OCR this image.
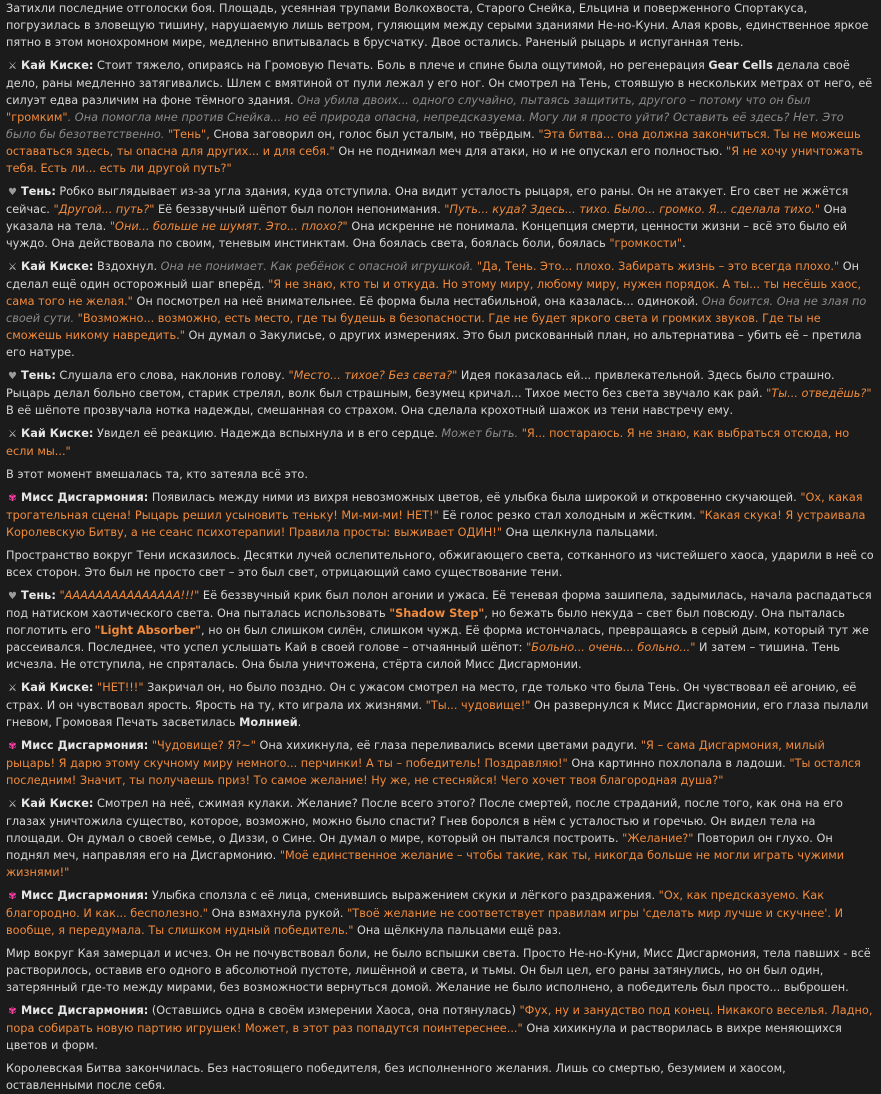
Затихли последние отголоски боя. Площадь, усеянная трупами Волкохвоста, Старого Снейка, Ельцина и поверженного Спортакуса, погрузилась в зловещую тишину, нарушаемую лишь ветром, гуляющим между серыми зданиями Не-но-Куни. Алая кровь, единственное яркое пятно в этом монохромном мире, медленно впитывалась в брусчатку. Двое остались. Раненый рыцарь и испуганная тень.

⚔ Кай Киске: Стоит тяжело, опираясь на Громовую Печать. Боль в плече и спине была ощутимой, но регенерация Gear Cells делала своё дело, раны медленно затягивались. Шлем с вмятиной от пули лежал у его ног. Он смотрел на Тень, стоявшую в нескольких метрах от него, её силуэт едва различим на фоне тёмного здания. Она убила двоих... одного случайно, пытаясь защитить, другого – потому что он был "громким". Она помогла мне против Снейка... но её природа опасна, непредсказуема. Могу ли я просто уйти? Оставить её здесь? Нет. Это было бы безответственно. "Тень", Снова заговорил он, голос был усталым, но твёрдым. "Эта битва... она должна закончиться. Ты не можешь оставаться здесь, ты опасна для других... и для себя." Он не поднимал меч для атаки, но и не опускал его полностью. "Я не хочу уничтожать тебя. Есть ли... есть ли другой путь?"

♥ Тень: Робко выглядывает из-за угла здания, куда отступила. Она видит усталость рыцаря, его раны. Он не атакует. Его свет не жжётся сейчас. "Другой... путь?" Её беззвучный шёпот был полон непонимания. "Путь... куда? Здесь... тихо. Было... громко. Я... сделала тихо." Она указала на тела. "Они... больше не шумят. Это... плохо?" Она искренне не понимала. Концепция смерти, ценности жизни – всё это было ей чуждо. Она действовала по своим, теневым инстинктам. Она боялась света, боялась боли, боялась "громкости".

⚔ Кай Киске: Вздохнул. Она не понимает. Как ребёнок с опасной игрушкой. "Да, Тень. Это... плохо. Забирать жизнь – это всегда плохо." Он сделал ещё один осторожный шаг вперёд. "Я не знаю, кто ты и откуда. Но этому миру, любому миру, нужен порядок. А ты... ты несёшь хаос, сама того не желая." Он посмотрел на неё внимательнее. Её форма была нестабильной, она казалась... одинокой. Она боится. Она не злая по своей сути. "Возможно... возможно, есть место, где ты будешь в безопасности. Где не будет яркого света и громких звуков. Где ты не сможешь никому навредить." Он думал о Закулисье, о других измерениях. Это был рискованный план, но альтернатива – убить её – претила его натуре.

♥ Тень: Слушала его слова, наклонив голову. "Место... тихое? Без света?" Идея показалась ей... привлекательной. Здесь было страшно. Рыцарь делал больно светом, старик стрелял, волк был страшным, безумец кричал... Тихое место без света звучало как рай. "Ты... отведёшь?" В её шёпоте прозвучала нотка надежды, смешанная со страхом. Она сделала крохотный шажок из тени навстречу ему.

⚔ Кай Киске: Увидел её реакцию. Надежда вспыхнула и в его сердце. Может быть. "Я... постараюсь. Я не знаю, как выбраться отсюда, но если мы..."

В этот момент вмешалась та, кто затеяла всё это.

✾ Мисс Дисгармония: Появилась между ними из вихря невозможных цветов, её улыбка была широкой и откровенно скучающей. "Ох, какая трогательная сцена! Рыцарь решил усыновить теньку! Ми-ми-ми! НЕТ!" Её голос резко стал холодным и жёстким. "Какая скука! Я устраивала Королевскую Битву, а не сеанс психотерапии! Правила просты: выживает ОДИН!" Она щелкнула пальцами.

Пространство вокруг Тени исказилось. Десятки лучей ослепительного, обжигающего света, сотканного из чистейшего хаоса, ударили в неё со всех сторон. Это был не просто свет – это был свет, отрицающий само существование тени.

♥ Тень: "ААААААААААААААА!!!" Её беззвучный крик был полон агонии и ужаса. Её теневая форма зашипела, задымилась, начала распадаться под натиском хаотического света. Она пыталась использовать "Shadow Step", но бежать было некуда – свет был повсюду. Она пыталась поглотить его "Light Absorber", но он был слишком силён, слишком чужд. Её форма истончалась, превращаясь в серый дым, который тут же рассеивался. Последнее, что успел услышать Кай в своей голове – отчаянный шёпот: "Больно... очень... больно..." И затем – тишина. Тень исчезла. Не отступила, не спряталась. Она была уничтожена, стёрта силой Мисс Дисгармонии.

⚔ Кай Киске: "НЕТ!!!" Закричал он, но было поздно. Он с ужасом смотрел на место, где только что была Тень. Он чувствовал её агонию, её страх. И он чувствовал ярость. Ярость на ту, кто играла их жизнями. "Ты... чудовище!" Он развернулся к Мисс Дисгармонии, его глаза пылали гневом, Громовая Печать засветилась Молнией.

✾ Мисс Дисгармония: "Чудовище? Я?~" Она хихикнула, её глаза переливались всеми цветами радуги. "Я – сама Дисгармония, милый рыцарь! Я дарю этому скучному миру немного... перчинки! А ты – победитель! Поздравляю!" Она картинно похлопала в ладоши. "Ты остался последним! Значит, ты получаешь приз! То самое желание! Ну же, не стесняйся! Чего хочет твоя благородная душа?"

⚔ Кай Киске: Смотрел на неё, сжимая кулаки. Желание? После всего этого? После смертей, после страданий, после того, как она на его глазах уничтожила существо, которое, возможно, можно было спасти? Гнев боролся в нём с усталостью и горечью. Он видел тела на площади. Он думал о своей семье, о Диззи, о Сине. Он думал о мире, который он пытался построить. "Желание?" Повторил он глухо. Он поднял меч, направляя его на Дисгармонию. "Моё единственное желание – чтобы такие, как ты, никогда больше не могли играть чужими жизнями!"

✾ Мисс Дисгармония: Улыбка сползла с её лица, сменившись выражением скуки и лёгкого раздражения. "Ох, как предсказуемо. Как благородно. И как... бесполезно." Она взмахнула рукой. "Твоё желание не соответствует правилам игры 'сделать мир лучше и скучнее'. И вообще, я передумала. Ты слишком нудный победитель." Она щёлкнула пальцами ещё раз.

Мир вокруг Кая замерцал и исчез. Он не почувствовал боли, не было вспышки света. Просто Не-но-Куни, Мисс Дисгармония, тела павших - всё растворилось, оставив его одного в абсолютной пустоте, лишённой и света, и тьмы. Он был цел, его раны затянулись, но он был один, затерянный где-то между мирами, без возможности вернуться домой. Желание не было исполнено, а победитель был просто... выброшен.

✾ Мисс Дисгармония: (Оставшись одна в своём измерении Хаоса, она потянулась) "Фух, ну и занудство под конец. Никакого веселья. Ладно, пора собирать новую партию игрушек! Может, в этот раз попадутся поинтереснее..." Она хихикнула и растворилась в вихре меняющихся цветов и форм.

Королевская Битва закончилась. Без настоящего победителя, без исполненного желания. Лишь со смертью, безумием и хаосом, оставленными после себя.
